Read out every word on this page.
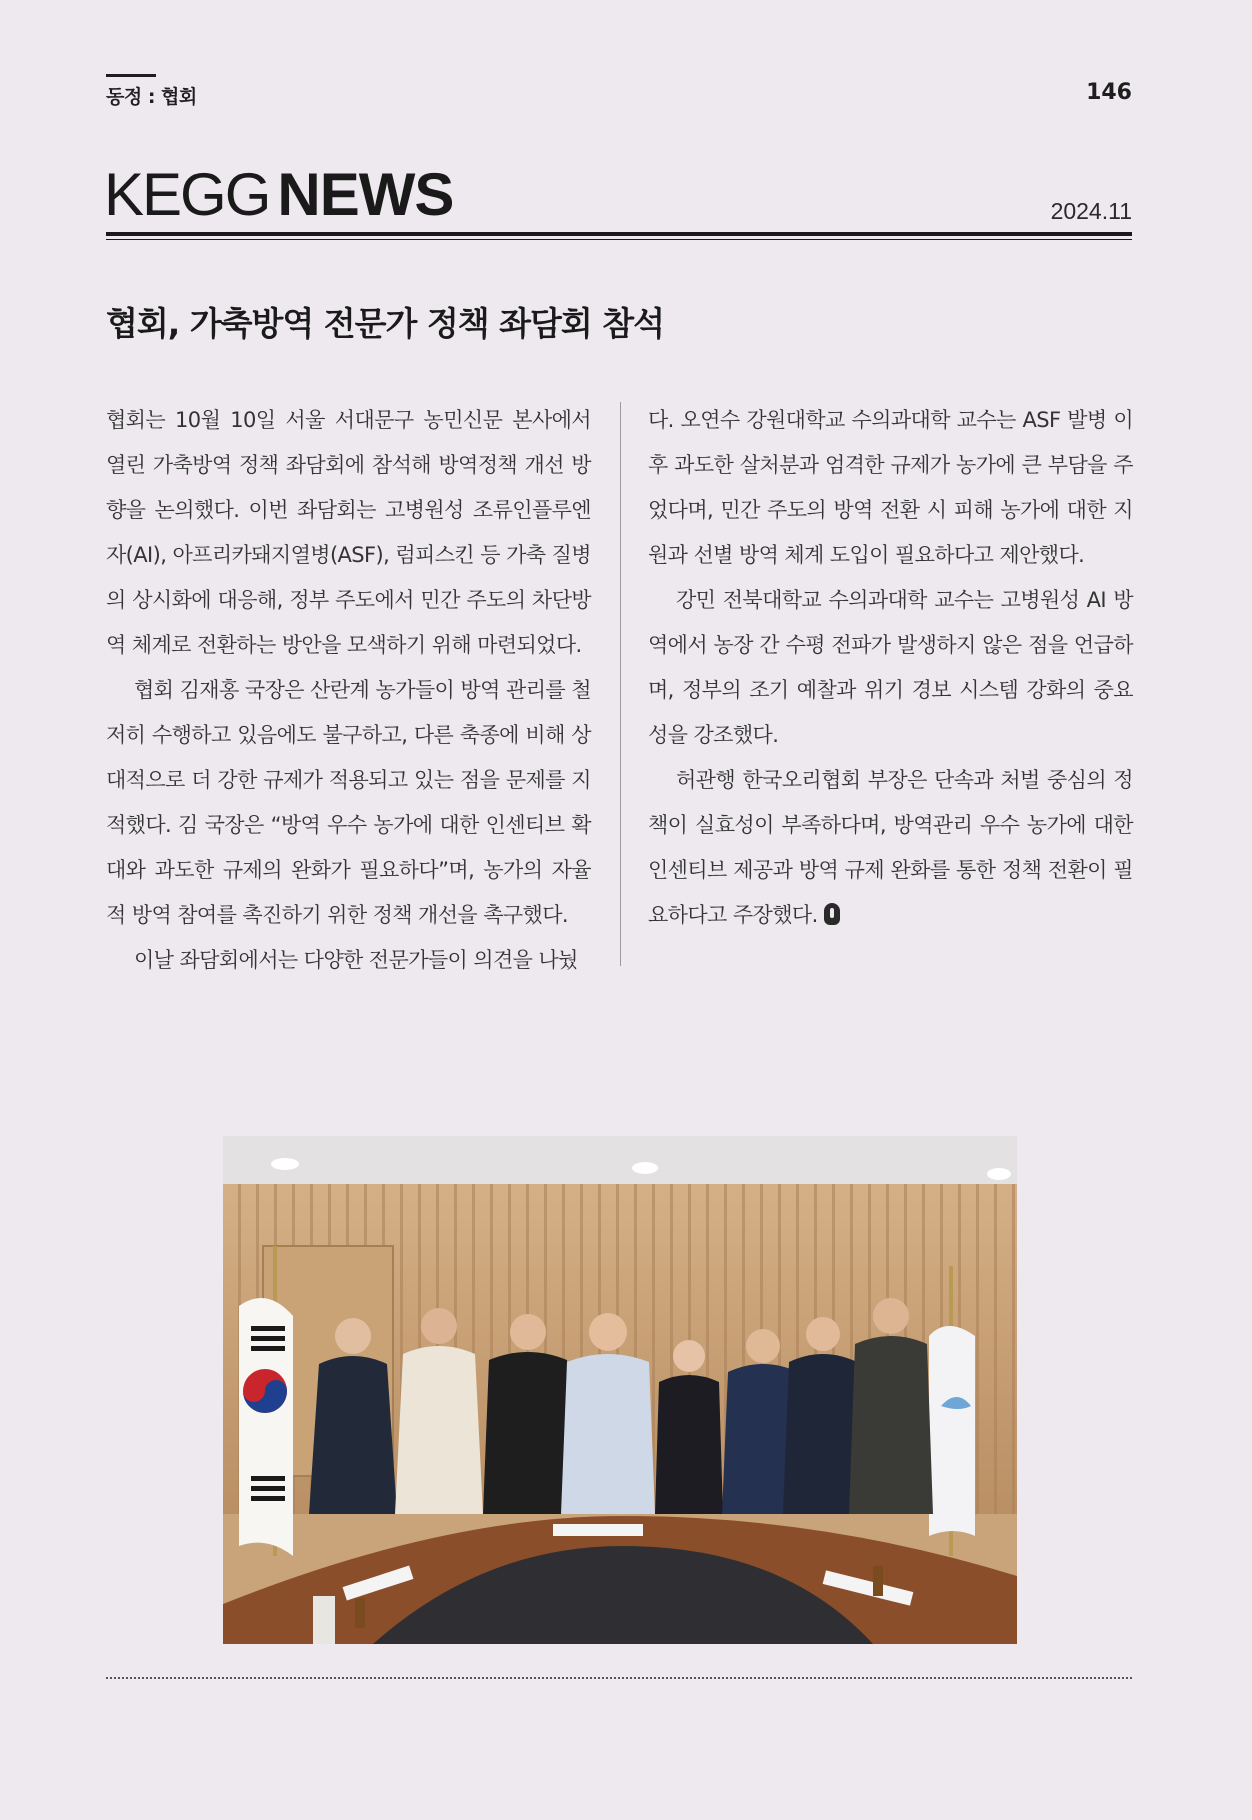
동정 : 협회	146
KEGG NEWS	2024.11
협회, 가축방역 전문가 정책 좌담회 참석

협회는 10월 10일 서울 서대문구 농민신문 본사에서 열린 가축방역 정책 좌담회에 참석해 방역정책 개선 방향을 논의했다. 이번 좌담회는 고병원성 조류인플루엔자(AI), 아프리카돼지열병(ASF), 럼피스킨 등 가축 질병의 상시화에 대응해, 정부 주도에서 민간 주도의 차단방역 체계로 전환하는 방안을 모색하기 위해 마련되었다.

협회 김재홍 국장은 산란계 농가들이 방역 관리를 철저히 수행하고 있음에도 불구하고, 다른 축종에 비해 상대적으로 더 강한 규제가 적용되고 있는 점을 문제를 지적했다. 김 국장은 “방역 우수 농가에 대한 인센티브 확대와 과도한 규제의 완화가 필요하다”며, 농가의 자율적 방역 참여를 촉진하기 위한 정책 개선을 촉구했다.

이날 좌담회에서는 다양한 전문가들이 의견을 나눴

다. 오연수 강원대학교 수의과대학 교수는 ASF 발병 이후 과도한 살처분과 엄격한 규제가 농가에 큰 부담을 주었다며, 민간 주도의 방역 전환 시 피해 농가에 대한 지원과 선별 방역 체계 도입이 필요하다고 제안했다.

강민 전북대학교 수의과대학 교수는 고병원성 AI 방역에서 농장 간 수평 전파가 발생하지 않은 점을 언급하며, 정부의 조기 예찰과 위기 경보 시스템 강화의 중요성을 강조했다.

허관행 한국오리협회 부장은 단속과 처벌 중심의 정책이 실효성이 부족하다며, 방역관리 우수 농가에 대한 인센티브 제공과 방역 규제 완화를 통한 정책 전환이 필요하다고 주장했다.
